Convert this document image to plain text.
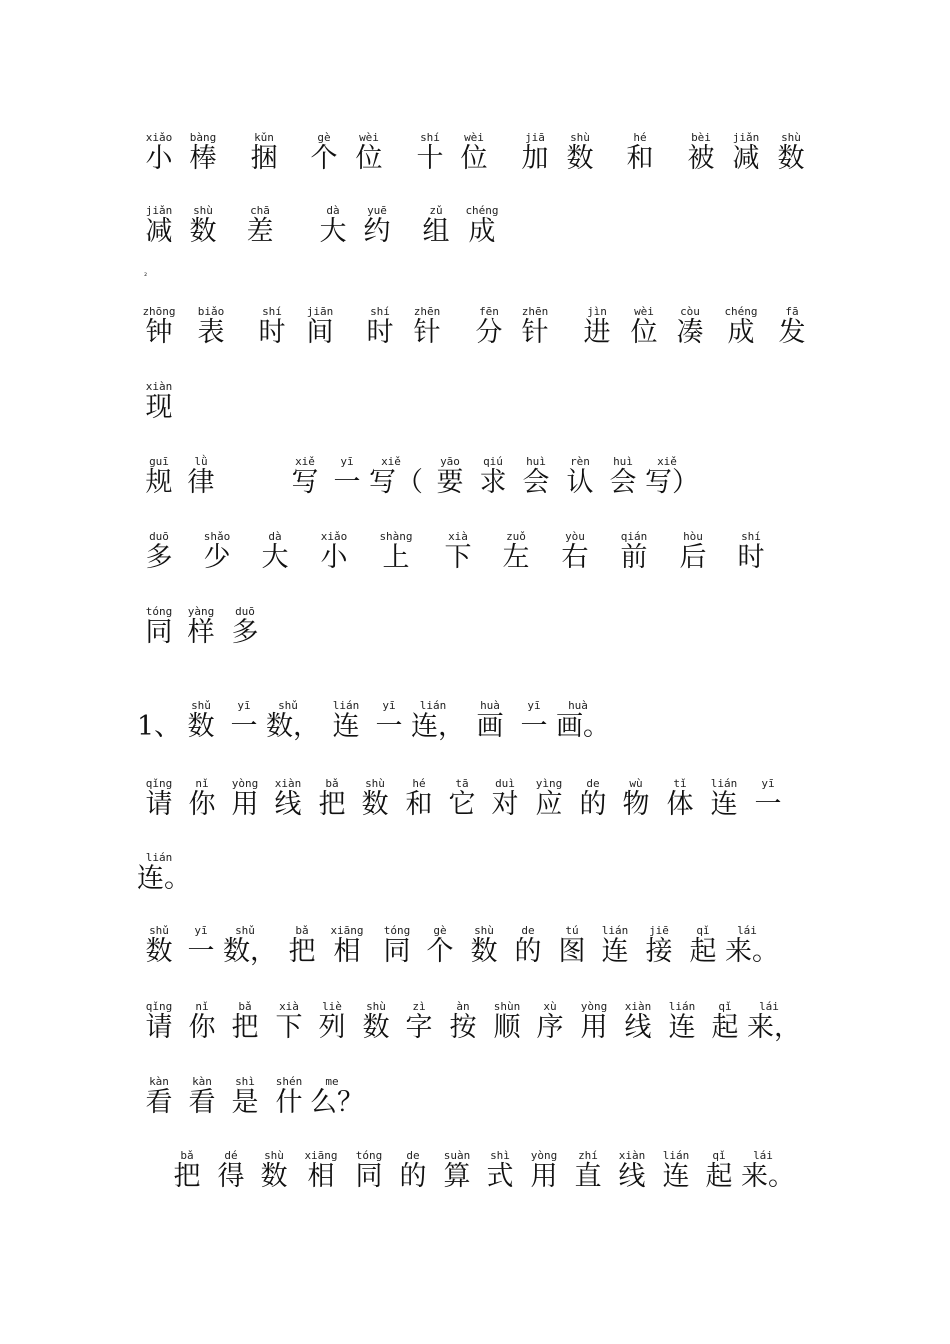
₂
xiǎo
小
bàng
棒
kǔn
捆
gè
个
wèi
位
shí
十
wèi
位
jiā
加
shù
数
hé
和
bèi
被
jiǎn
减
shù
数
jiǎn
减
shù
数
chā
差
dà
大
yuē
约
zǔ
组
chéng
成
zhōng
钟
biǎo
表
shí
时
jiān
间
shí
时
zhēn
针
fēn
分
zhēn
针
jìn
进
wèi
位
còu
凑
chéng
成
fā
发
xiàn
现
guī
规
lǜ
律
xiě
写
yī
一
xiě
写（
yāo
要
qiú
求
huì
会
rèn
认
huì
会
xiě
写）
duō
多
shǎo
少
dà
大
xiǎo
小
shàng
上
xià
下
zuǒ
左
yòu
右
qián
前
hòu
后
shí
时
tóng
同
yàng
样
duō
多
1、
shǔ
数
yī
一
shǔ
数，
lián
连
yī
一
lián
连，
huà
画
yī
一
huà
画。
qǐng
请
nǐ
你
yòng
用
xiàn
线
bǎ
把
shù
数
hé
和
tā
它
duì
对
yìng
应
de
的
wù
物
tǐ
体
lián
连
yī
一
lián
连。
shǔ
数
yī
一
shǔ
数，
bǎ
把
xiāng
相
tóng
同
gè
个
shù
数
de
的
tú
图
lián
连
jiē
接
qǐ
起
lái
来。
qǐng
请
nǐ
你
bǎ
把
xià
下
liè
列
shù
数
zì
字
àn
按
shùn
顺
xù
序
yòng
用
xiàn
线
lián
连
qǐ
起
lái
来，
kàn
看
kàn
看
shì
是
shén
什
me
么？
bǎ
把
dé
得
shù
数
xiāng
相
tóng
同
de
的
suàn
算
shì
式
yòng
用
zhí
直
xiàn
线
lián
连
qǐ
起
lái
来。
